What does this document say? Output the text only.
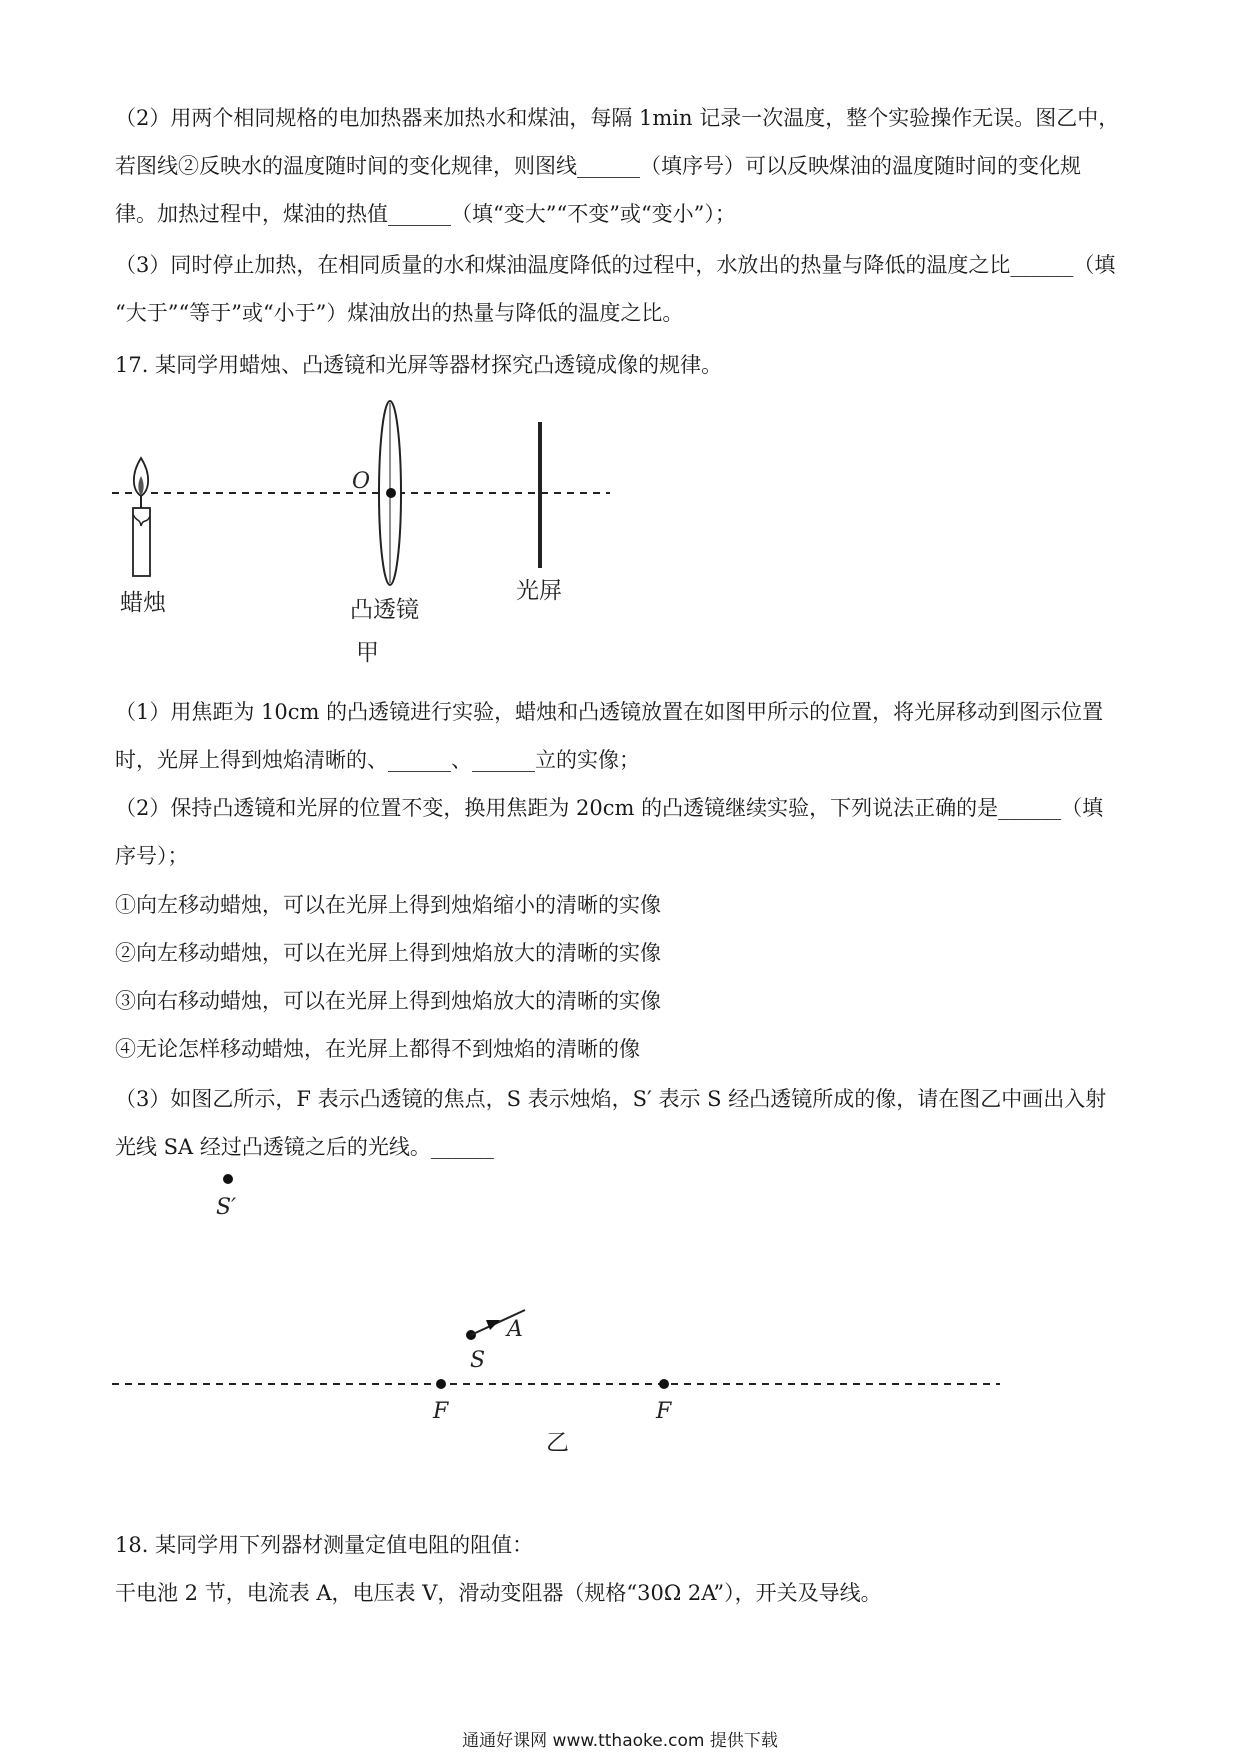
（2）用两个相同规格的电加热器来加热水和煤油，每隔 1min 记录一次温度，整个实验操作无误。图乙中，
若图线②反映水的温度随时间的变化规律，则图线______（填序号）可以反映煤油的温度随时间的变化规
律。加热过程中，煤油的热值______（填“变大”“不变”或“变小”）；
（3）同时停止加热，在相同质量的水和煤油温度降低的过程中，水放出的热量与降低的温度之比______（填
“大于”“等于”或“小于”）煤油放出的热量与降低的温度之比。
17. 某同学用蜡烛、凸透镜和光屏等器材探究凸透镜成像的规律。
蜡烛
O
凸透镜
甲
光屏
（1）用焦距为 10cm 的凸透镜进行实验，蜡烛和凸透镜放置在如图甲所示的位置，将光屏移动到图示位置
时，光屏上得到烛焰清晰的、______、______立的实像；
（2）保持凸透镜和光屏的位置不变，换用焦距为 20cm 的凸透镜继续实验，下列说法正确的是______（填
序号）；
①向左移动蜡烛，可以在光屏上得到烛焰缩小的清晰的实像
②向左移动蜡烛，可以在光屏上得到烛焰放大的清晰的实像
③向右移动蜡烛，可以在光屏上得到烛焰放大的清晰的实像
④无论怎样移动蜡烛，在光屏上都得不到烛焰的清晰的像
（3）如图乙所示，F 表示凸透镜的焦点，S 表示烛焰，S′ 表示 S 经凸透镜所成的像，请在图乙中画出入射
光线 SA 经过凸透镜之后的光线。______
S′
A
S
F	F
乙
18. 某同学用下列器材测量定值电阻的阻值：
干电池 2 节，电流表 A，电压表 V，滑动变阻器（规格“30Ω 2A”），开关及导线。
通通好课网 www.tthaoke.com 提供下载
